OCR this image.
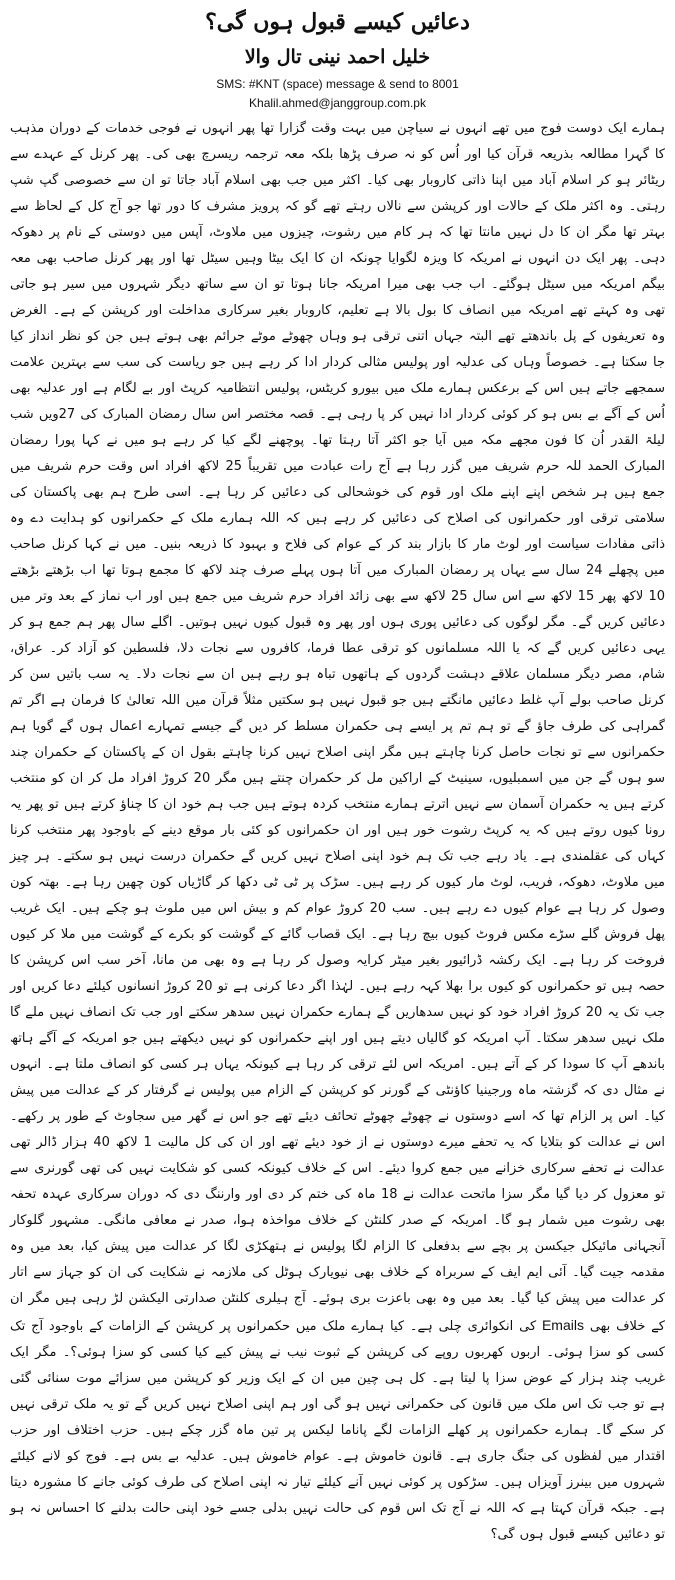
دعائیں کیسے قبول ہوں گی؟

خلیل احمد نینی تال والا

SMS: #KNT (space) message & send to 8001

Khalil.ahmed@janggroup.com.pk

ہمارے ایک دوست فوج میں تھے انہوں نے سیاچن میں بہت وقت گزارا تھا پھر انہوں نے فوجی خدمات کے دوران مذہب کا گہرا مطالعہ بذریعہ قرآن کیا اور اُس کو نہ صرف پڑھا بلکہ معہ ترجمہ ریسرچ بھی کی۔ پھر کرنل کے عہدے سے ریٹائر ہو کر اسلام آباد میں اپنا ذاتی کاروبار بھی کیا۔ اکثر میں جب بھی اسلام آباد جاتا تو ان سے خصوصی گپ شپ رہتی۔ وہ اکثر ملک کے حالات اور کرپشن سے نالاں رہتے تھے گو کہ پرویز مشرف کا دور تھا جو آج کل کے لحاظ سے بہتر تھا مگر ان کا دل نہیں مانتا تھا کہ ہر کام میں رشوت، چیزوں میں ملاوٹ، آپس میں دوستی کے نام پر دھوکہ دہی۔ پھر ایک دن انہوں نے امریکہ کا ویزہ لگوایا چونکہ ان کا ایک بیٹا وہیں سیٹل تھا اور پھر کرنل صاحب بھی معہ بیگم امریکہ میں سیٹل ہوگئے۔ اب جب بھی میرا امریکہ جانا ہوتا تو ان سے ساتھ دیگر شہروں میں سیر ہو جاتی تھی وہ کہتے تھے امریکہ میں انصاف کا بول بالا ہے تعلیم، کاروبار بغیر سرکاری مداخلت اور کرپشن کے ہے۔ الغرض وہ تعریفوں کے پل باندھتے تھے البتہ جہاں اتنی ترقی ہو وہاں چھوٹے موٹے جرائم بھی ہوتے ہیں جن کو نظر انداز کیا جا سکتا ہے۔ خصوصاً وہاں کی عدلیہ اور پولیس مثالی کردار ادا کر رہے ہیں جو ریاست کی سب سے بہترین علامت سمجھے جاتے ہیں اس کے برعکس ہمارے ملک میں بیورو کریٹس، پولیس انتظامیہ کرپٹ اور بے لگام ہے اور عدلیہ بھی اُس کے آگے بے بس ہو کر کوئی کردار ادا نہیں کر پا رہی ہے۔ قصہ مختصر اس سال رمضان المبارک کی 27ویں شب لیلۃ القدر اُن کا فون مجھے مکہ میں آیا جو اکثر آتا رہتا تھا۔ پوچھنے لگے کیا کر رہے ہو میں نے کہا پورا رمضان المبارک الحمد للہ حرم شریف میں گزر رہا ہے آج رات عبادت میں تقریباً 25 لاکھ افراد اس وقت حرم شریف میں جمع ہیں ہر شخص اپنے اپنے ملک اور قوم کی خوشحالی کی دعائیں کر رہا ہے۔ اسی طرح ہم بھی پاکستان کی سلامتی ترقی اور حکمرانوں کی اصلاح کی دعائیں کر رہے ہیں کہ اللہ ہمارے ملک کے حکمرانوں کو ہدایت دے وہ ذاتی مفادات سیاست اور لوٹ مار کا بازار بند کر کے عوام کی فلاح و بہبود کا ذریعہ بنیں۔ میں نے کہا کرنل صاحب میں پچھلے 24 سال سے یہاں پر رمضان المبارک میں آتا ہوں پہلے صرف چند لاکھ کا مجمع ہوتا تھا اب بڑھتے بڑھتے 10 لاکھ پھر 15 لاکھ سے اس سال 25 لاکھ سے بھی زائد افراد حرم شریف میں جمع ہیں اور اب نماز کے بعد وتر میں دعائیں کریں گے۔ مگر لوگوں کی دعائیں پوری ہوں اور پھر وہ قبول کیوں نہیں ہوتیں۔ اگلے سال پھر ہم جمع ہو کر یہی دعائیں کریں گے کہ یا اللہ مسلمانوں کو ترقی عطا فرما، کافروں سے نجات دلا، فلسطین کو آزاد کر۔ عراق، شام، مصر دیگر مسلمان علاقے دہشت گردوں کے ہاتھوں تباہ ہو رہے ہیں ان سے نجات دلا۔ یہ سب باتیں سن کر کرنل صاحب بولے آپ غلط دعائیں مانگتے ہیں جو قبول نہیں ہو سکتیں مثلاً قرآن میں اللہ تعالیٰ کا فرمان ہے اگر تم گمراہی کی طرف جاؤ گے تو ہم تم پر ایسے ہی حکمران مسلط کر دیں گے جیسے تمہارے اعمال ہوں گے گویا ہم حکمرانوں سے تو نجات حاصل کرنا چاہتے ہیں مگر اپنی اصلاح نہیں کرنا چاہتے بقول ان کے پاکستان کے حکمران چند سو ہوں گے جن میں اسمبلیوں، سینیٹ کے اراکین مل کر حکمران چنتے ہیں مگر 20 کروڑ افراد مل کر ان کو منتخب کرتے ہیں یہ حکمران آسمان سے نہیں اترتے ہمارے منتخب کردہ ہوتے ہیں جب ہم خود ان کا چناؤ کرتے ہیں تو پھر یہ رونا کیوں روتے ہیں کہ یہ کرپٹ رشوت خور ہیں اور ان حکمرانوں کو کئی بار موقع دینے کے باوجود پھر منتخب کرنا کہاں کی عقلمندی ہے۔ یاد رہے جب تک ہم خود اپنی اصلاح نہیں کریں گے حکمران درست نہیں ہو سکتے۔ ہر چیز میں ملاوٹ، دھوکہ، فریب، لوٹ مار کیوں کر رہے ہیں۔ سڑک پر ٹی ٹی دکھا کر گاڑیاں کون چھین رہا ہے۔ بھتہ کون وصول کر رہا ہے عوام کیوں دے رہے ہیں۔ سب 20 کروڑ عوام کم و بیش اس میں ملوث ہو چکے ہیں۔ ایک غریب پھل فروش گلے سڑے مکس فروٹ کیوں بیچ رہا ہے۔ ایک قصاب گائے کے گوشت کو بکرے کے گوشت میں ملا کر کیوں فروخت کر رہا ہے۔ ایک رکشہ ڈرائیور بغیر میٹر کرایہ وصول کر رہا ہے وہ بھی من مانا، آخر سب اس کرپشن کا حصہ ہیں تو حکمرانوں کو کیوں برا بھلا کہہ رہے ہیں۔ لہٰذا اگر دعا کرنی ہے تو 20 کروڑ انسانوں کیلئے دعا کریں اور جب تک یہ 20 کروڑ افراد خود کو نہیں سدھاریں گے ہمارے حکمران نہیں سدھر سکتے اور جب تک انصاف نہیں ملے گا ملک نہیں سدھر سکتا۔ آپ امریکہ کو گالیاں دیتے ہیں اور اپنے حکمرانوں کو نہیں دیکھتے ہیں جو امریکہ کے آگے ہاتھ باندھے آپ کا سودا کر کے آتے ہیں۔ امریکہ اس لئے ترقی کر رہا ہے کیونکہ یہاں ہر کسی کو انصاف ملتا ہے۔ انہوں نے مثال دی کہ گزشتہ ماہ ورجینیا کاؤنٹی کے گورنر کو کرپشن کے الزام میں پولیس نے گرفتار کر کے عدالت میں پیش کیا۔ اس پر الزام تھا کہ اسے دوستوں نے چھوٹے چھوٹے تحائف دیئے تھے جو اس نے گھر میں سجاوٹ کے طور پر رکھے۔ اس نے عدالت کو بتلایا کہ یہ تحفے میرے دوستوں نے از خود دیئے تھے اور ان کی کل مالیت 1 لاکھ 40 ہزار ڈالر تھی عدالت نے تحفے سرکاری خزانے میں جمع کروا دیئے۔ اس کے خلاف کیونکہ کسی کو شکایت نہیں کی تھی گورنری سے تو معزول کر دیا گیا مگر سزا ماتحت عدالت نے 18 ماہ کی ختم کر دی اور وارننگ دی کہ دوران سرکاری عہدہ تحفہ بھی رشوت میں شمار ہو گا۔ امریکہ کے صدر کلنٹن کے خلاف مواخذہ ہوا، صدر نے معافی مانگی۔ مشہور گلوکار آنجہانی مائیکل جیکسن پر بچے سے بدفعلی کا الزام لگا پولیس نے ہتھکڑی لگا کر عدالت میں پیش کیا، بعد میں وہ مقدمہ جیت گیا۔ آئی ایم ایف کے سربراہ کے خلاف بھی نیویارک ہوٹل کی ملازمہ نے شکایت کی ان کو جہاز سے اتار کر عدالت میں پیش کیا گیا۔ بعد میں وہ بھی باعزت بری ہوئے۔ آج ہیلری کلنٹن صدارتی الیکشن لڑ رہی ہیں مگر ان کے خلاف بھی Emails کی انکوائری چلی ہے۔ کیا ہمارے ملک میں حکمرانوں پر کرپشن کے الزامات کے باوجود آج تک کسی کو سزا ہوئی۔ اربوں کھربوں روپے کی کرپشن کے ثبوت نیب نے پیش کیے کیا کسی کو سزا ہوئی؟۔ مگر ایک غریب چند ہزار کے عوض سزا پا لیتا ہے۔ کل ہی چین میں ان کے ایک وزیر کو کرپشن میں سزائے موت سنائی گئی ہے تو جب تک اس ملک میں قانون کی حکمرانی نہیں ہو گی اور ہم اپنی اصلاح نہیں کریں گے تو یہ ملک ترقی نہیں کر سکے گا۔ ہمارے حکمرانوں پر کھلے الزامات لگے پاناما لیکس پر تین ماہ گزر چکے ہیں۔ حزب اختلاف اور حزب اقتدار میں لفظوں کی جنگ جاری ہے۔ قانون خاموش ہے۔ عوام خاموش ہیں۔ عدلیہ بے بس ہے۔ فوج کو لانے کیلئے شہروں میں بینرز آویزاں ہیں۔ سڑکوں پر کوئی نہیں آنے کیلئے تیار نہ اپنی اصلاح کی طرف کوئی جانے کا مشورہ دیتا ہے۔ جبکہ قرآن کہتا ہے کہ اللہ نے آج تک اس قوم کی حالت نہیں بدلی جسے خود اپنی حالت بدلنے کا احساس نہ ہو تو دعائیں کیسے قبول ہوں گی؟
